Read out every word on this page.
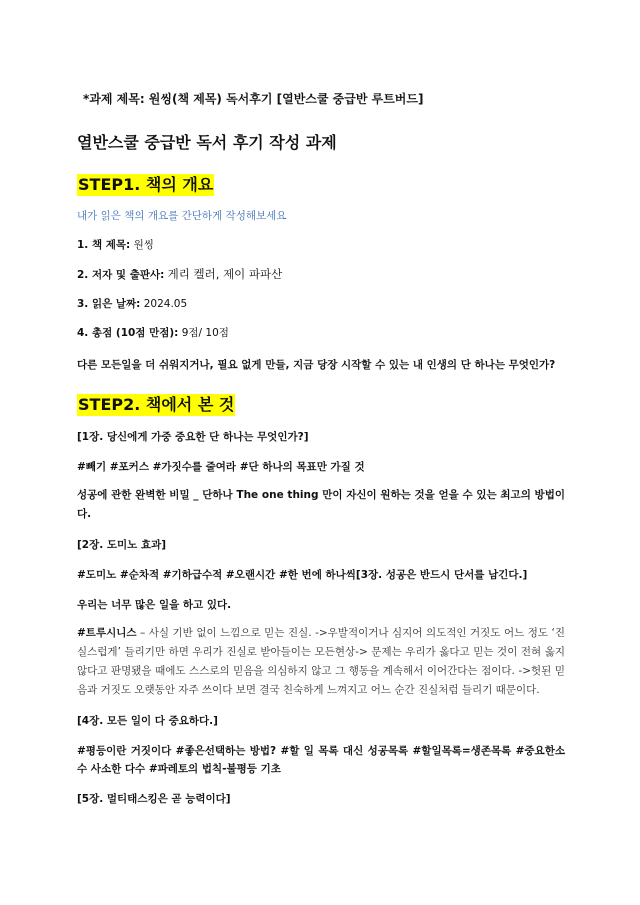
*과제 제목: 원씽(책 제목) 독서후기 [열반스쿨 중급반 루트버드]
열반스쿨 중급반 독서 후기 작성 과제
STEP1. 책의 개요
내가 읽은 책의 개요를 간단하게 작성해보세요
1. 책 제목: 원씽
2. 저자 및 출판사: 게리 켈러, 제이 파파산
3. 읽은 날짜: 2024.05
4. 총점 (10점 만점): 9점/ 10점
다른 모든일을 더 쉬워지거나, 필요 없게 만들, 지금 당장 시작할 수 있는 내 인생의 단 하나는 무엇인가?
STEP2. 책에서 본 것
[1장. 당신에게 가중 중요한 단 하나는 무엇인가?]
#빼기 #포커스 #가짓수를 줄여라 #단 하나의 목표만 가질 것
성공에 관한 완벽한 비밀 _ 단하나 The one thing 만이 자신이 원하는 것을 얻을 수 있는 최고의 방법이다.
[2장. 도미노 효과]
#도미노 #순차적 #기하급수적 #오랜시간 #한 번에 하나씩[3장. 성공은 반드시 단서를 남긴다.]
우리는 너무 많은 일을 하고 있다.
#트루시니스 – 사실 기반 없이 느낌으로 믿는 진실. ->우발적이거나 심지어 의도적인 거짓도 어느 정도 ‘진실스럽게’ 들리기만 하면 우리가 진실로 받아들이는 모든현상-> 문제는 우리가 옳다고 믿는 것이 전혀 옳지 않다고 판명됐을 때에도 스스로의 믿음을 의심하지 않고 그 행동을 계속해서 이어간다는 점이다. ->헛된 믿음과 거짓도 오랫동안 자주 쓰이다 보면 결국 친숙하게 느껴지고 어느 순간 진실처럼 들리기 때문이다.
[4장. 모든 일이 다 중요하다.]
#평등이란 거짓이다 #좋은선택하는 방법? #할 일 목록 대신 성공목록 #할일목록=생존목록 #중요한소수 사소한 다수 #파레토의 법칙-불평등 기초
[5장. 멀티태스킹은 곧 능력이다]
